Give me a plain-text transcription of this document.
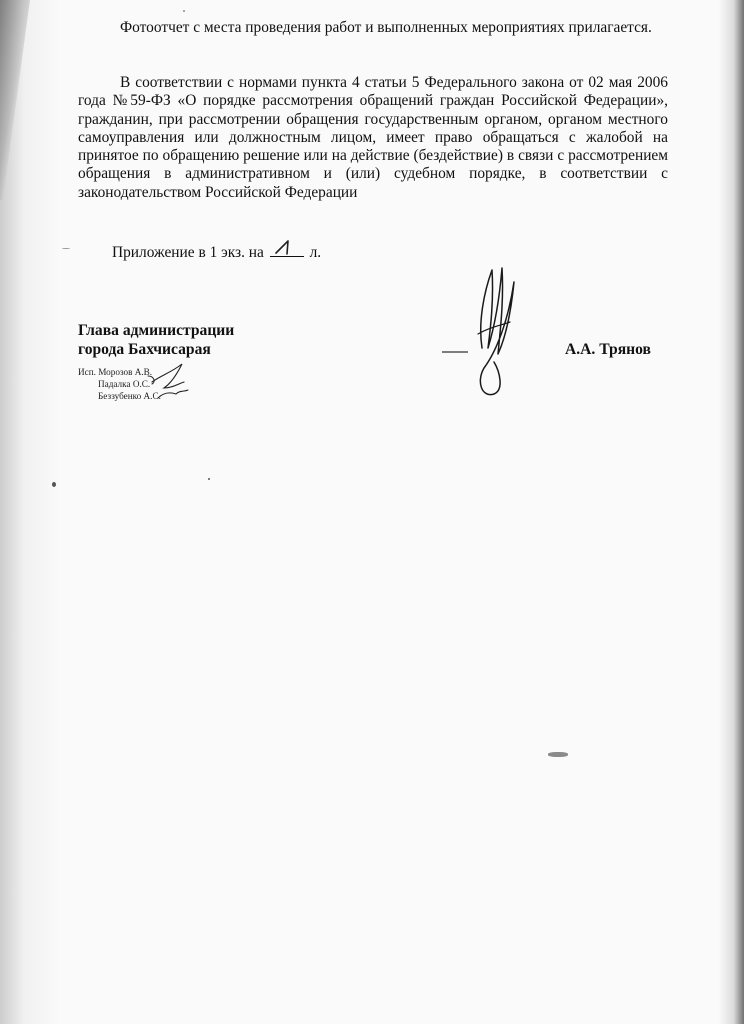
Фотоотчет с места проведения работ и выполненных мероприятиях прилагается.

В соответствии с нормами пункта 4 статьи 5 Федерального закона от 02 мая 2006 года №59-ФЗ «О порядке рассмотрения обращений граждан Российской Федерации», гражданин, при рассмотрении обращения государственным органом, органом местного самоуправления или должностным лицом, имеет право обращаться с жалобой на принятое по обращению решение или на действие (бездействие) в связи с рассмотрением обращения в административном и (или) судебном порядке, в соответствии с законодательством Российской Федерации

Приложение в 1 экз. на	л.
Глава администрации
города Бахчисарая	А.А. Трянов
Исп. Морозов А.В.
Падалка О.С.
Беззубенко А.С.
